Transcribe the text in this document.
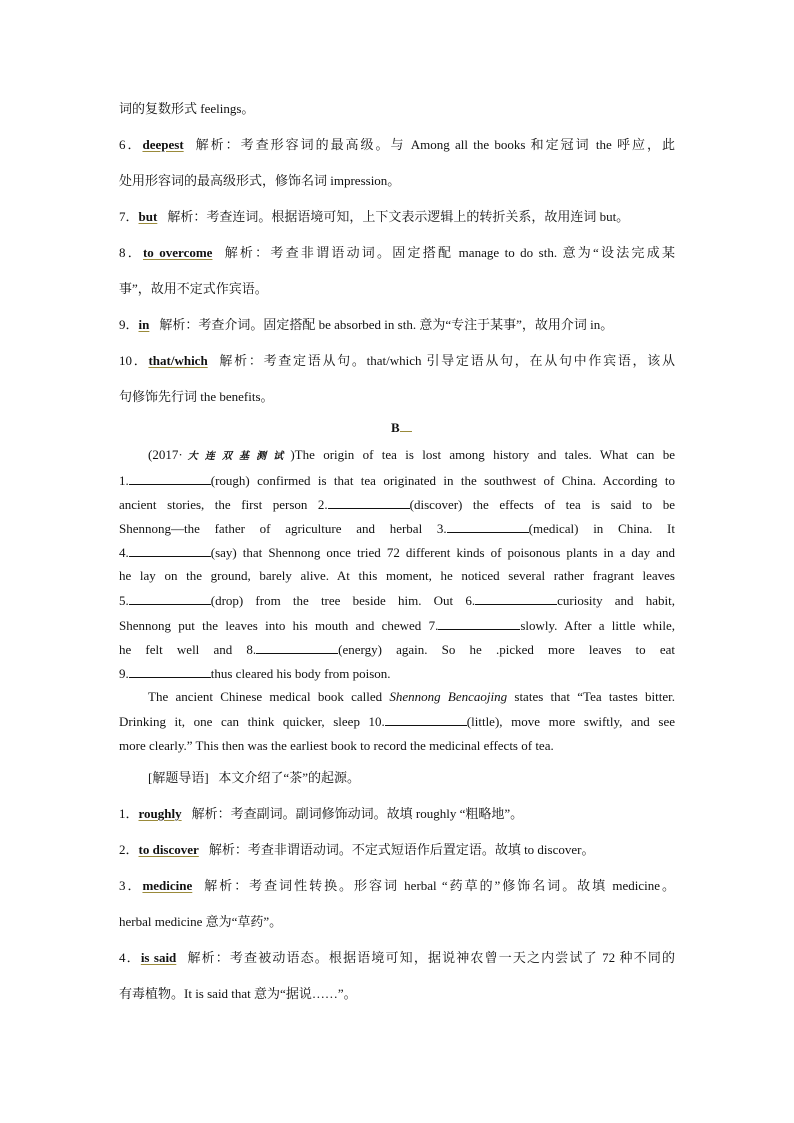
词的复数形式 feelings。
6．deepest 解析：考查形容词的最高级。与 Among all the books 和定冠词 the 呼应，此
处用形容词的最高级形式，修饰名词 impression。
7．but 解析：考查连词。根据语境可知，上下文表示逻辑上的转折关系，故用连词 but。
8．to overcome 解析：考查非谓语动词。固定搭配 manage to do sth. 意为“设法完成某
事”，故用不定式作宾语。
9．in 解析：考查介词。固定搭配 be absorbed in sth. 意为“专注于某事”，故用介词 in。
10．that/which 解析：考查定语从句。that/which 引导定语从句，在从句中作宾语，该从
句修饰先行词 the benefits。
B
(2017·大连双基测试)The origin of tea is lost among history and tales. What can be
1.	(rough) confirmed is that tea originated in the southwest of China. According to
ancient stories, the first person 2.	(discover) the effects of tea is said to be
Shennong—the father of agriculture and herbal 3.	(medical) in China. It
4.	(say) that Shennong once tried 72 different kinds of poisonous plants in a day and
he lay on the ground, barely alive. At this moment, he noticed several rather fragrant leaves
5.	(drop) from the tree beside him. Out 6.	curiosity and habit,
Shennong put the leaves into his mouth and chewed 7.	slowly. After a little while,
he felt well and 8.	(energy) again. So he .picked more leaves to eat
9.	thus cleared his body from poison.
The ancient Chinese medical book called Shennong Bencaojing states that “Tea tastes bitter.
Drinking it, one can think quicker, sleep 10.	(little), move more swiftly, and see
more clearly.” This then was the earliest book to record the medicinal effects of tea.
[解题导语] 本文介绍了“茶”的起源。
1．roughly 解析：考查副词。副词修饰动词。故填 roughly “粗略地”。
2．to discover 解析：考查非谓语动词。不定式短语作后置定语。故填 to discover。
3．medicine 解析：考查词性转换。形容词 herbal “药草的”修饰名词。故填 medicine。
herbal medicine 意为“草药”。
4．is said 解析：考查被动语态。根据语境可知，据说神农曾一天之内尝试了 72 种不同的
有毒植物。It is said that 意为“据说……”。
